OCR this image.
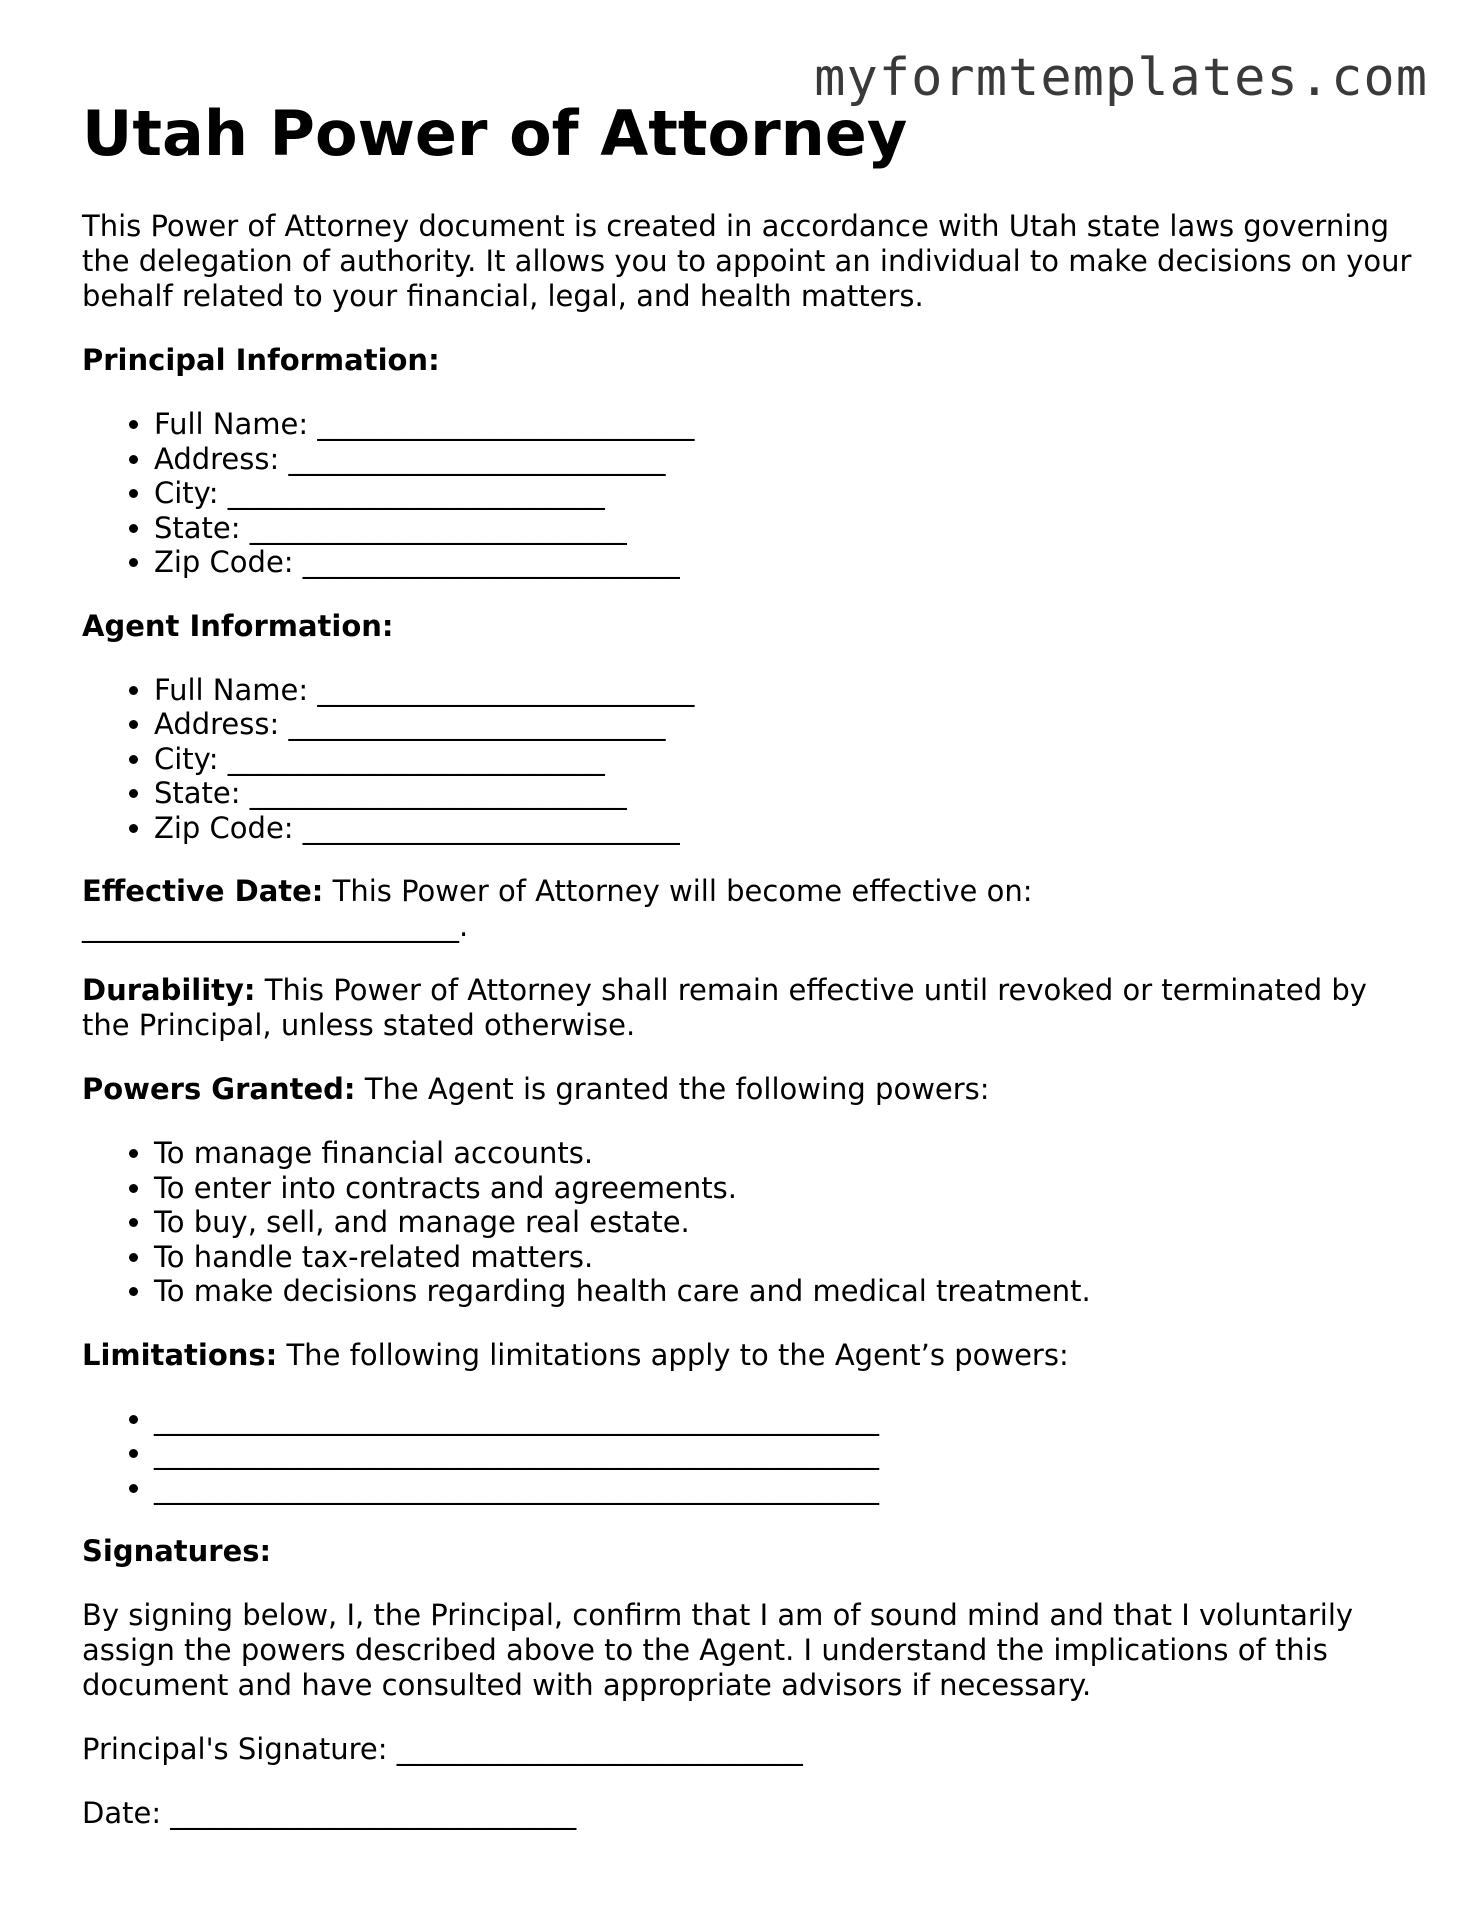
myformtemplates.com
Utah Power of Attorney

This Power of Attorney document is created in accordance with Utah state laws governing the delegation of authority. It allows you to appoint an individual to make decisions on your behalf related to your financial, legal, and health matters.

Principal Information:

• Full Name: __________________________
• Address: __________________________
• City: __________________________
• State: __________________________
• Zip Code: __________________________

Agent Information:

• Full Name: __________________________
• Address: __________________________
• City: __________________________
• State: __________________________
• Zip Code: __________________________

Effective Date: This Power of Attorney will become effective on: __________________________.

Durability: This Power of Attorney shall remain effective until revoked or terminated by the Principal, unless stated otherwise.

Powers Granted: The Agent is granted the following powers:

• To manage financial accounts.
• To enter into contracts and agreements.
• To buy, sell, and manage real estate.
• To handle tax-related matters.
• To make decisions regarding health care and medical treatment.

Limitations: The following limitations apply to the Agent’s powers:

• __________________________________________________
• __________________________________________________
• __________________________________________________

Signatures:

By signing below, I, the Principal, confirm that I am of sound mind and that I voluntarily assign the powers described above to the Agent. I understand the implications of this document and have consulted with appropriate advisors if necessary.

Principal's Signature: ____________________________

Date: ____________________________
